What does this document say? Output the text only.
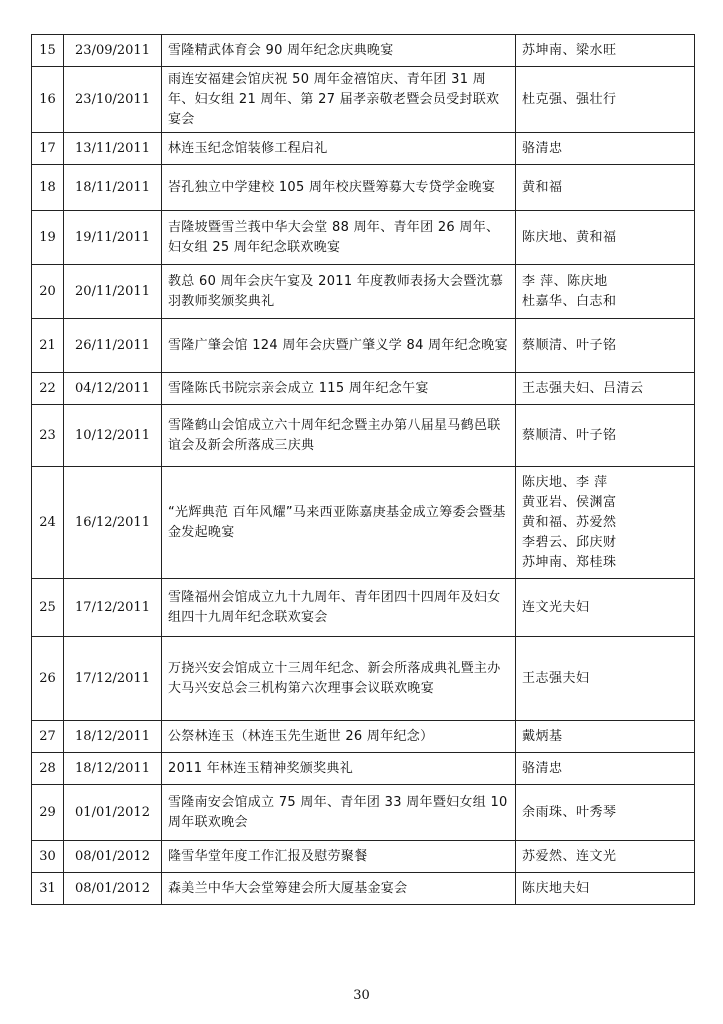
15	23/09/2011	雪隆精武体育会 90 周年纪念庆典晚宴	苏坤南、梁水旺
16	23/10/2011	雨连安福建会馆庆祝 50 周年金禧馆庆、青年团 31 周年、妇女组 21 周年、第 27 届孝亲敬老暨会员受封联欢宴会	杜克强、强壮行
17	13/11/2011	林连玉纪念馆装修工程启礼	骆清忠
18	18/11/2011	峇孔独立中学建校 105 周年校庆暨筹募大专贷学金晚宴	黄和福
19	19/11/2011	吉隆坡暨雪兰莪中华大会堂 88 周年、青年团 26 周年、妇女组 25 周年纪念联欢晚宴	陈庆地、黄和福
20	20/11/2011	教总 60 周年会庆午宴及 2011 年度教师表扬大会暨沈慕羽教师奖颁奖典礼	李 萍、陈庆地
杜嘉华、白志和
21	26/11/2011	雪隆广肇会馆 124 周年会庆暨广肇义学 84 周年纪念晚宴	蔡顺清、叶子铭
22	04/12/2011	雪隆陈氏书院宗亲会成立 115 周年纪念午宴	王志强夫妇、吕清云
23	10/12/2011	雪隆鹤山会馆成立六十周年纪念暨主办第八届星马鹤邑联谊会及新会所落成三庆典	蔡顺清、叶子铭
24	16/12/2011	“光辉典范 百年风耀”马来西亚陈嘉庚基金成立筹委会暨基金发起晚宴	陈庆地、李 萍
黄亚岩、侯渊富
黄和福、苏爱然
李碧云、邱庆财
苏坤南、郑桂珠
25	17/12/2011	雪隆福州会馆成立九十九周年、青年团四十四周年及妇女组四十九周年纪念联欢宴会	连文光夫妇
26	17/12/2011	万挠兴安会馆成立十三周年纪念、新会所落成典礼暨主办大马兴安总会三机构第六次理事会议联欢晚宴	王志强夫妇
27	18/12/2011	公祭林连玉（林连玉先生逝世 26 周年纪念）	戴炳基
28	18/12/2011	2011 年林连玉精神奖颁奖典礼	骆清忠
29	01/01/2012	雪隆南安会馆成立 75 周年、青年团 33 周年暨妇女组 10 周年联欢晚会	余雨珠、叶秀琴
30	08/01/2012	隆雪华堂年度工作汇报及慰劳聚餐	苏爱然、连文光
31	08/01/2012	森美兰中华大会堂筹建会所大厦基金宴会	陈庆地夫妇
30
